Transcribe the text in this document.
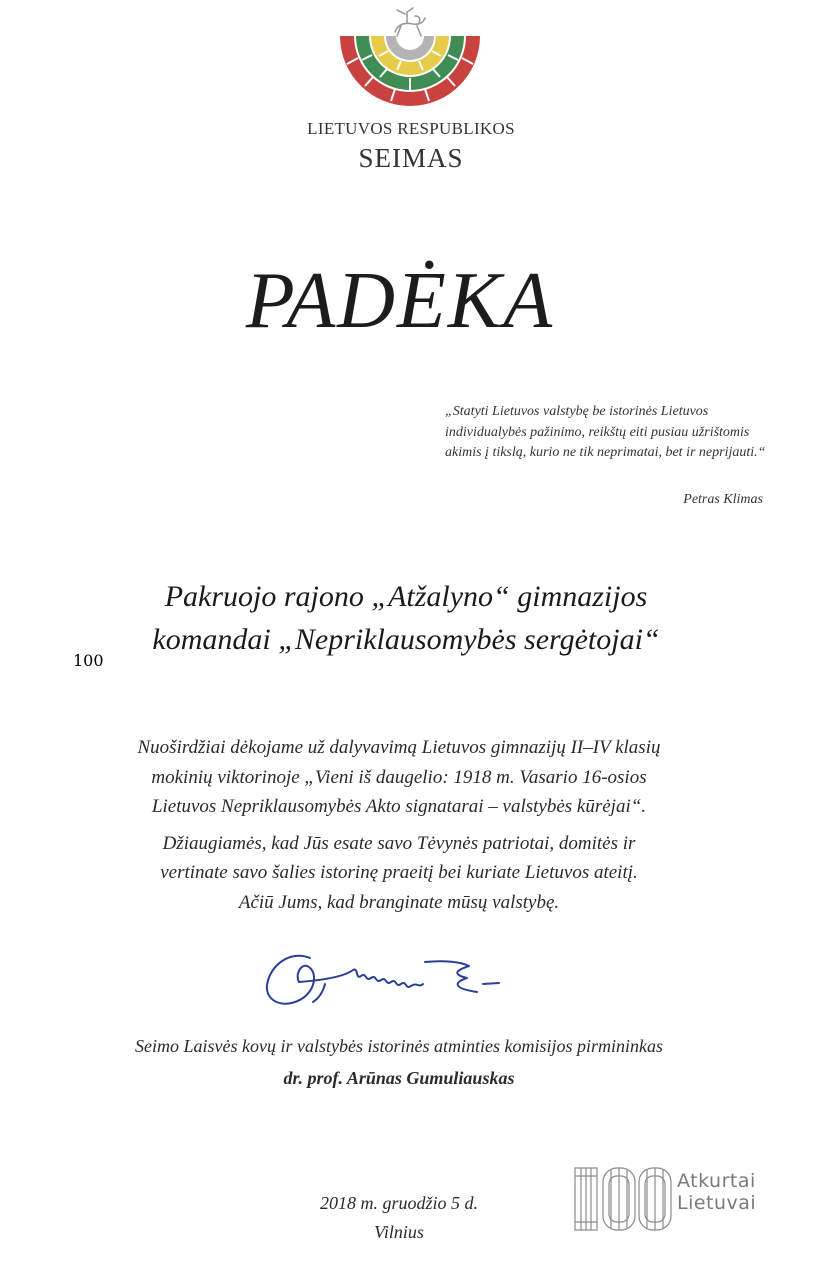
LIETUVOS RESPUBLIKOS
SEIMAS
PADĖKA
„Statyti Lietuvos valstybę be istorinės Lietuvos individualybės pažinimo, reikštų eiti pusiau užrištomis akimis į tikslą, kurio ne tik neprimatai, bet ir neprijauti.“
Petras Klimas
Pakruojo rajono „Atžalyno“ gimnazijos
komandai „Nepriklausomybės sergėtojai“
Nuoširdžiai dėkojame už dalyvavimą Lietuvos gimnazijų II–IV klasių
mokinių viktorinoje „Vieni iš daugelio: 1918 m. Vasario 16-osios
Lietuvos Nepriklausomybės Akto signatarai – valstybės kūrėjai“.
Džiaugiamės, kad Jūs esate savo Tėvynės patriotai, domitės ir
vertinate savo šalies istorinę praeitį bei kuriate Lietuvos ateitį.
Ačiū Jums, kad branginate mūsų valstybę.
Seimo Laisvės kovų ir valstybės istorinės atminties komisijos pirmininkas
dr. prof. Arūnas Gumuliauskas
2018 m. gruodžio 5 d.
Vilnius
100
Atkurtai
Lietuvai
